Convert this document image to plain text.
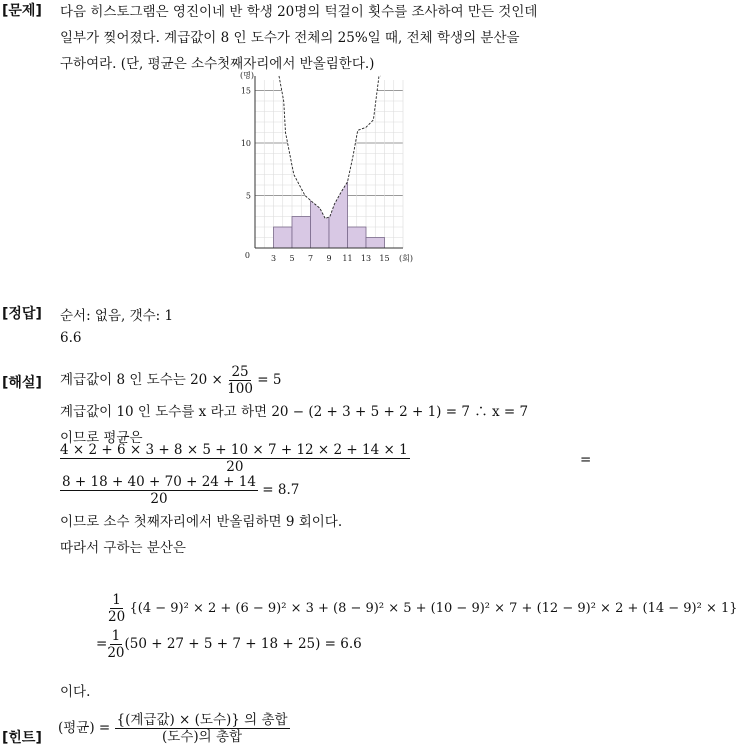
[문제] 다음 히스토그램은 영진이네 반 학생 20명의 턱걸이 횟수를 조사하여 만든 것인데
일부가 찢어졌다. 계급값이 8 인 도수가 전체의 25%일 때, 전체 학생의 분산을
구하여라. (단, 평균은 소수첫째자리에서 반올림한다.)
5
10
15
3 5 7 9 11 13 15
0
(명)
(회)
[정답] 순서: 없음, 갯수: 1
6.6
[해설] 계급값이 8 인 도수는 $20 \times \frac{25}{100} = 5$
계급값이 10 인 도수를 x 라고 하면 20 − (2 + 3 + 5 + 2 + 1) = 7 ∴ x = 7
이므로 평균은
$\frac{4 \times 2 + 6 \times 3 + 8 \times 5 + 10 \times 7 + 12 \times 2 + 14 \times 1}{20}$	=
$\frac{8 + 18 + 40 + 70 + 24 + 14}{20} = 8.7$
이므로 소수 첫째자리에서 반올림하면 9 회이다.
따라서 구하는 분산은
$\frac{1}{20} \{(4 - 9)^2 \times 2 + (6 - 9)^2 \times 3 + (8 - 9)^2 \times 5 + (10 - 9)^2 \times 7 + (12 - 9)^2 \times 2 + (14 - 9)^2 \times 1\}$
= $\frac{1}{20} (50 + 27 + 5 + 7 + 18 + 25) = 6.6$
이다.
[힌트]
(평균) = $\frac{\text{\{(계급값) × (도수)\} 의 총합}}{\text{(도수)의 총합}}$
